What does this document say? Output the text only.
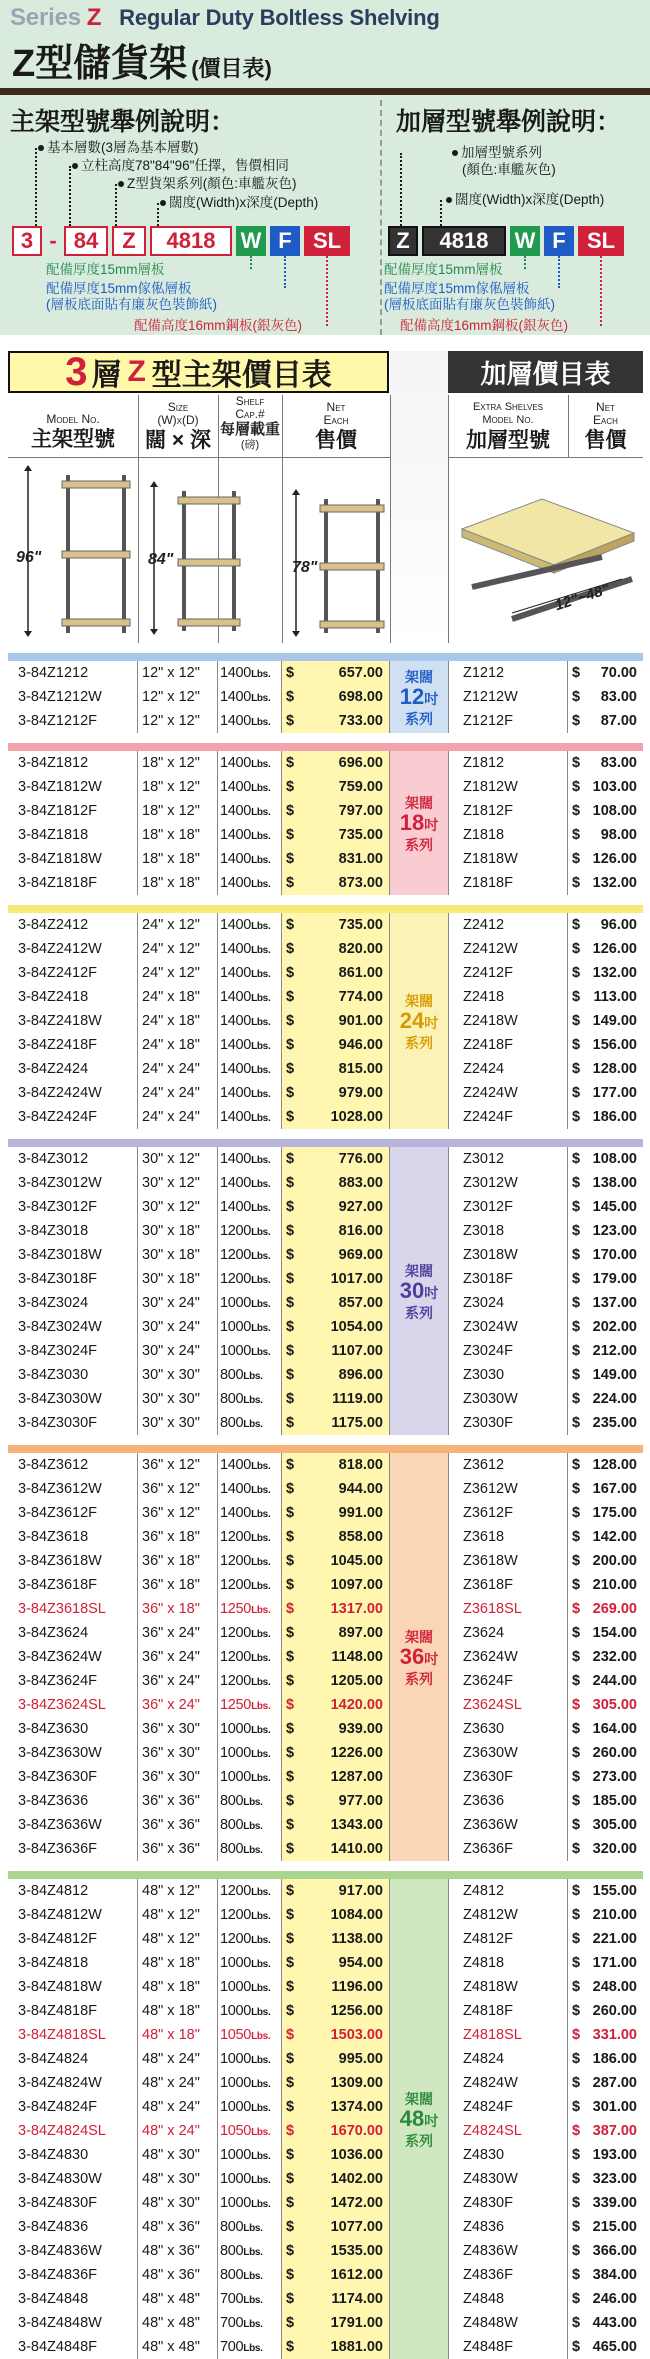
Series Z Regular Duty Boltless Shelving
Z型儲貨架 (價目表)
主架型號舉例說明：	加層型號舉例說明：
基本層數(3層為基本層數)
立柱高度78"84"96"任擇，售價相同
Z型貨架系列(顏色:車艦灰色)
闊度(Width)x深度(Depth)
3 - 84	Z	4818	W F SL
配備厚度15mm層板
配備厚度15mm傢俬層板
(層板底面貼有廉灰色裝飾紙)
配備高度16mm鋼板(銀灰色)
加層型號系列
(顏色:車艦灰色)
闊度(Width)x深度(Depth)
Z	4818	W F SL
配備厚度15mm層板
配備厚度15mm傢俬層板
(層板底面貼有廉灰色裝飾紙)
配備高度16mm鋼板(銀灰色)
3 層 Z 型主架價目表	加層價目表
Model No.
主架型號
Size
(W)x(D)
闊 × 深
Shelf
Cap.#
每層載重
(磅)
Net
Each
售價
Extra Shelves
Model No.
加層型號
Net
Each
售價
96"	84"	78"
12"~48"
架闊
12吋
系列
3-84Z1212	12" x 12"	1400Lbs.	$	657.00	Z1212	$ 70.00
3-84Z1212W	12" x 12"	1400Lbs.	$	698.00	Z1212W	$ 83.00
3-84Z1212F	12" x 12"	1400Lbs.	$	733.00	Z1212F	$ 87.00
架闊
18吋
系列
3-84Z1812	18" x 12"	1400Lbs.	$	696.00	Z1812	$ 83.00
3-84Z1812W	18" x 12"	1400Lbs.	$	759.00	Z1812W	$ 103.00
3-84Z1812F	18" x 12"	1400Lbs.	$	797.00	Z1812F	$ 108.00
3-84Z1818	18" x 18"	1400Lbs.	$	735.00	Z1818	$ 98.00
3-84Z1818W	18" x 18"	1400Lbs.	$	831.00	Z1818W	$ 126.00
3-84Z1818F	18" x 18"	1400Lbs.	$	873.00	Z1818F	$ 132.00
架闊
24吋
系列
3-84Z2412	24" x 12"	1400Lbs.	$	735.00	Z2412	$ 96.00
3-84Z2412W	24" x 12"	1400Lbs.	$	820.00	Z2412W	$ 126.00
3-84Z2412F	24" x 12"	1400Lbs.	$	861.00	Z2412F	$ 132.00
3-84Z2418	24" x 18"	1400Lbs.	$	774.00	Z2418	$ 113.00
3-84Z2418W	24" x 18"	1400Lbs.	$	901.00	Z2418W	$ 149.00
3-84Z2418F	24" x 18"	1400Lbs.	$	946.00	Z2418F	$ 156.00
3-84Z2424	24" x 24"	1400Lbs.	$	815.00	Z2424	$ 128.00
3-84Z2424W	24" x 24"	1400Lbs.	$	979.00	Z2424W	$ 177.00
3-84Z2424F	24" x 24"	1400Lbs.	$	1028.00	Z2424F	$ 186.00
架闊
30吋
系列
3-84Z3012	30" x 12"	1400Lbs.	$	776.00	Z3012	$ 108.00
3-84Z3012W	30" x 12"	1400Lbs.	$	883.00	Z3012W	$ 138.00
3-84Z3012F	30" x 12"	1400Lbs.	$	927.00	Z3012F	$ 145.00
3-84Z3018	30" x 18"	1200Lbs.	$	816.00	Z3018	$ 123.00
3-84Z3018W	30" x 18"	1200Lbs.	$	969.00	Z3018W	$ 170.00
3-84Z3018F	30" x 18"	1200Lbs.	$	1017.00	Z3018F	$ 179.00
3-84Z3024	30" x 24"	1000Lbs.	$	857.00	Z3024	$ 137.00
3-84Z3024W	30" x 24"	1000Lbs.	$	1054.00	Z3024W	$ 202.00
3-84Z3024F	30" x 24"	1000Lbs.	$	1107.00	Z3024F	$ 212.00
3-84Z3030	30" x 30"	800Lbs.	$	896.00	Z3030	$ 149.00
3-84Z3030W	30" x 30"	800Lbs.	$	1119.00	Z3030W	$ 224.00
3-84Z3030F	30" x 30"	800Lbs.	$	1175.00	Z3030F	$ 235.00
架闊
36吋
系列
3-84Z3612	36" x 12"	1400Lbs.	$	818.00	Z3612	$ 128.00
3-84Z3612W	36" x 12"	1400Lbs.	$	944.00	Z3612W	$ 167.00
3-84Z3612F	36" x 12"	1400Lbs.	$	991.00	Z3612F	$ 175.00
3-84Z3618	36" x 18"	1200Lbs.	$	858.00	Z3618	$ 142.00
3-84Z3618W	36" x 18"	1200Lbs.	$	1045.00	Z3618W	$ 200.00
3-84Z3618F	36" x 18"	1200Lbs.	$	1097.00	Z3618F	$ 210.00
3-84Z3618SL	36" x 18"	1250Lbs.	$	1317.00	Z3618SL	$ 269.00
3-84Z3624	36" x 24"	1200Lbs.	$	897.00	Z3624	$ 154.00
3-84Z3624W	36" x 24"	1200Lbs.	$	1148.00	Z3624W	$ 232.00
3-84Z3624F	36" x 24"	1200Lbs.	$	1205.00	Z3624F	$ 244.00
3-84Z3624SL	36" x 24"	1250Lbs.	$	1420.00	Z3624SL	$ 305.00
3-84Z3630	36" x 30"	1000Lbs.	$	939.00	Z3630	$ 164.00
3-84Z3630W	36" x 30"	1000Lbs.	$	1226.00	Z3630W	$ 260.00
3-84Z3630F	36" x 30"	1000Lbs.	$	1287.00	Z3630F	$ 273.00
3-84Z3636	36" x 36"	800Lbs.	$	977.00	Z3636	$ 185.00
3-84Z3636W	36" x 36"	800Lbs.	$	1343.00	Z3636W	$ 305.00
3-84Z3636F	36" x 36"	800Lbs.	$	1410.00	Z3636F	$ 320.00
架闊
48吋
系列
3-84Z4812	48" x 12"	1200Lbs.	$	917.00	Z4812	$ 155.00
3-84Z4812W	48" x 12"	1200Lbs.	$	1084.00	Z4812W	$ 210.00
3-84Z4812F	48" x 12"	1200Lbs.	$	1138.00	Z4812F	$ 221.00
3-84Z4818	48" x 18"	1000Lbs.	$	954.00	Z4818	$ 171.00
3-84Z4818W	48" x 18"	1000Lbs.	$	1196.00	Z4818W	$ 248.00
3-84Z4818F	48" x 18"	1000Lbs.	$	1256.00	Z4818F	$ 260.00
3-84Z4818SL	48" x 18"	1050Lbs.	$	1503.00	Z4818SL	$ 331.00
3-84Z4824	48" x 24"	1000Lbs.	$	995.00	Z4824	$ 186.00
3-84Z4824W	48" x 24"	1000Lbs.	$	1309.00	Z4824W	$ 287.00
3-84Z4824F	48" x 24"	1000Lbs.	$	1374.00	Z4824F	$ 301.00
3-84Z4824SL	48" x 24"	1050Lbs.	$	1670.00	Z4824SL	$ 387.00
3-84Z4830	48" x 30"	1000Lbs.	$	1036.00	Z4830	$ 193.00
3-84Z4830W	48" x 30"	1000Lbs.	$	1402.00	Z4830W	$ 323.00
3-84Z4830F	48" x 30"	1000Lbs.	$	1472.00	Z4830F	$ 339.00
3-84Z4836	48" x 36"	800Lbs.	$	1077.00	Z4836	$ 215.00
3-84Z4836W	48" x 36"	800Lbs.	$	1535.00	Z4836W	$ 366.00
3-84Z4836F	48" x 36"	800Lbs.	$	1612.00	Z4836F	$ 384.00
3-84Z4848	48" x 48"	700Lbs.	$	1174.00	Z4848	$ 246.00
3-84Z4848W	48" x 48"	700Lbs.	$	1791.00	Z4848W	$ 443.00
3-84Z4848F	48" x 48"	700Lbs.	$	1881.00	Z4848F	$ 465.00
